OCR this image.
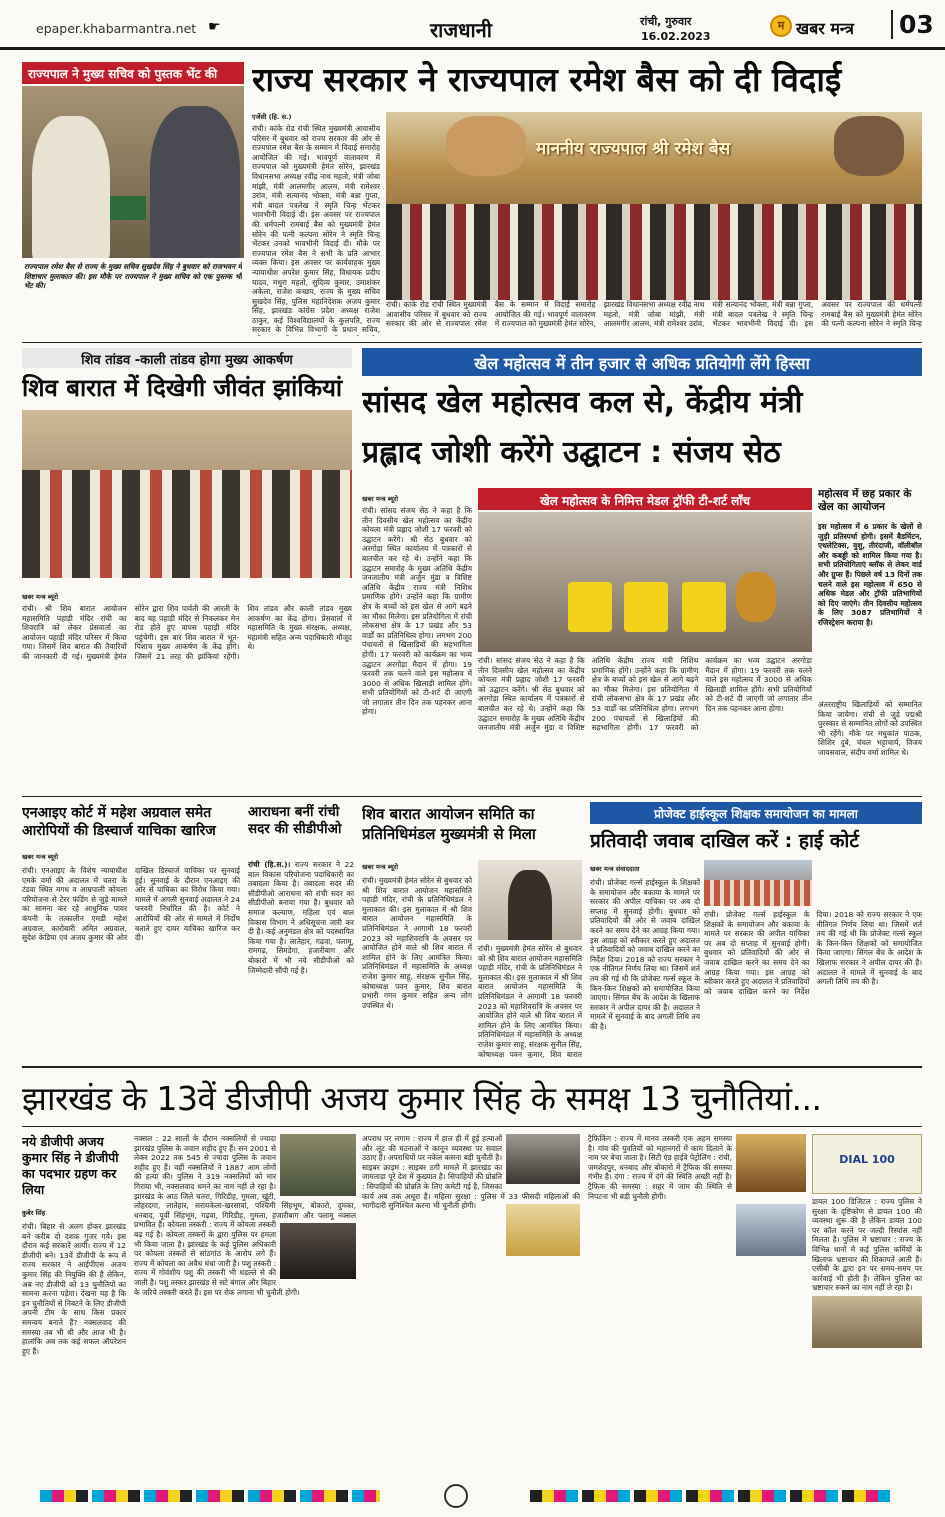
epaper.khabarmantra.net ☛	राजधानी	रांची, गुरुवार
16.02.2023
म खबर मन्त्र	03
राज्यपाल ने मुख्य सचिव को पुस्तक भेंट की
राज्यपाल रमेश बैस से राज्य के मुख्य सचिव सुखदेव सिंह ने बुधवार को राजभवन में शिष्टाचार मुलाकात की। इस मौके पर राज्यपाल ने मुख्य सचिव को एक पुस्तक भी भेंट की।
राज्य सरकार ने राज्यपाल रमेश बैस को दी विदाई
एजेंसी (हि. स.)
रांची। कांके रोड रांची स्थित मुख्यमंत्री आवासीय परिसर में बुधवार को राज्य सरकार की ओर से राज्यपाल रमेश बैस के सम्मान में विदाई समारोह आयोजित की गई। भावपूर्ण वातावरण में राज्यपाल को मुख्यमंत्री हेमंत सोरेन, झारखंड विधानसभा अध्यक्ष रवींद्र नाथ महतो, मंत्री जोबा मांझी, मंत्री आलमगीर आलम, मंत्री रामेश्वर उरांव, मंत्री सत्यानंद भोक्ता, मंत्री बन्ना गुप्ता, मंत्री बादल पत्रलेख ने स्मृति चिन्ह भेंटकर भावभीनी विदाई दी। इस अवसर पर राज्यपाल की धर्मपत्नी रामबाई बैस को मुख्यमंत्री हेमंत सोरेन की पत्नी कल्पना सोरेन ने स्मृति चिन्ह भेंटकर उनको भावभीनी विदाई दी। मौके पर राज्यपाल रमेश बैस ने सभी के प्रति आभार व्यक्त किया। इस अवसर पर कार्यवाहक मुख्य न्यायाधीश अपरेश कुमार सिंह, विधायक प्रदीप यादव, मथुरा महतो, सुदिव्य कुमार, उमाशंकर अकेला, राजेश कच्छप, राज्य के मुख्य सचिव सुखदेव सिंह, पुलिस महानिदेशक अजय कुमार सिंह, झारखंड कांग्रेस प्रदेश अध्यक्ष राजेश ठाकुर, कई विश्वविद्यालयों के कुलपति, राज्य सरकार के विभिन्न विभागों के प्रधान सचिव,
माननीय राज्यपाल श्री रमेश बैस
रांची। कांके रोड रांची स्थित मुख्यमंत्री आवासीय परिसर में बुधवार को राज्य सरकार की ओर से राज्यपाल रमेश बैस के सम्मान में विदाई समारोह आयोजित की गई। भावपूर्ण वातावरण में राज्यपाल को मुख्यमंत्री हेमंत सोरेन, झारखंड विधानसभा अध्यक्ष रवींद्र नाथ महतो, मंत्री जोबा मांझी, मंत्री आलमगीर आलम, मंत्री रामेश्वर उरांव, मंत्री सत्यानंद भोक्ता, मंत्री बन्ना गुप्ता, मंत्री बादल पत्रलेख ने स्मृति चिन्ह भेंटकर भावभीनी विदाई दी। इस अवसर पर राज्यपाल की धर्मपत्नी रामबाई बैस को मुख्यमंत्री हेमंत सोरेन की पत्नी कल्पना सोरेन ने स्मृति चिन्ह
शिव तांडव -काली तांडव होगा मुख्य आकर्षण
शिव बारात में दिखेगी जीवंत झांकियां
खबर मन्त्र ब्यूरो
रांची। श्री शिव बारात आयोजन महासमिति पहाड़ी मंदिर रांची का शिवरात्रि को लेकर प्रेसवार्ता का आयोजन पहाड़ी मंदिर परिसर में किया गया। जिसमें शिव बारात की तैयारियों की जानकारी दी गई। मुख्यमंत्री हेमंत सोरेन द्वारा शिव पार्वती की आरती के बाद यह पहाड़ी मंदिर से निकलकर मेन रोड होते हुए वापस पहाड़ी मंदिर पहुंचेगी। इस बार शिव बारात में भूत-पिशाच मुख्य आकर्षण के केंद्र होंगे। जिसमें 21 तरह की झांकियां रहेंगी। शिव तांडव और काली तांडव मुख्य आकर्षण का केंद्र होगा। प्रेसवार्ता में महासमिति के मुख्य संरक्षक, अध्यक्ष, महामंत्री सहित अन्य पदाधिकारी मौजूद थे।
खेल महोत्सव में तीन हजार से अधिक प्रतियोगी लेंगे हिस्सा
सांसद खेल महोत्सव कल से, केंद्रीय मंत्री
प्रह्लाद जोशी करेंगे उद्घाटन : संजय सेठ
खबर मन्त्र ब्यूरो
रांची। सांसद संजय सेठ ने कहा है कि तीन दिवसीय खेल महोत्सव का केंद्रीय कोयला मंत्री प्रह्लाद जोशी 17 फरवरी को उद्घाटन करेंगे। श्री सेठ बुधवार को अरगोड़ा स्थित कार्यालय में पत्रकारों से बातचीत कर रहे थे। उन्होंने कहा कि उद्घाटन समारोह के मुख्य अतिथि केंद्रीय जनजातीय मंत्री अर्जुन मुंडा व विशिष्ट अतिथि केंद्रीय राज्य मंत्री निशिथ प्रमाणिक होंगे। उन्होंने कहा कि ग्रामीण क्षेत्र के बच्चों को इस खेल से आगे बढ़ने का मौका मिलेगा। इस प्रतियोगिता में रांची लोकसभा क्षेत्र के 17 प्रखंड और 53 वार्डों का प्रतिनिधित्व होगा। लगभग 200 पंचायतों से खिलाड़ियों की सहभागिता होगी। 17 फरवरी को कार्यक्रम का भव्य उद्घाटन अरगोड़ा मैदान में होगा। 19 फरवरी तक चलने वाले इस महोत्सव में 3000 से अधिक खिलाड़ी शामिल होंगे। सभी प्रतियोगियों को टी-शर्ट दी जाएगी जो लगातार तीन दिन तक पहनकर आना होगा।
खेल महोत्सव के निमित्त मेडल ट्रॉफी टी-शर्ट लॉंच
रांची। सांसद संजय सेठ ने कहा है कि तीन दिवसीय खेल महोत्सव का केंद्रीय कोयला मंत्री प्रह्लाद जोशी 17 फरवरी को उद्घाटन करेंगे। श्री सेठ बुधवार को अरगोड़ा स्थित कार्यालय में पत्रकारों से बातचीत कर रहे थे। उन्होंने कहा कि उद्घाटन समारोह के मुख्य अतिथि केंद्रीय जनजातीय मंत्री अर्जुन मुंडा व विशिष्ट अतिथि केंद्रीय राज्य मंत्री निशिथ प्रमाणिक होंगे। उन्होंने कहा कि ग्रामीण क्षेत्र के बच्चों को इस खेल से आगे बढ़ने का मौका मिलेगा। इस प्रतियोगिता में रांची लोकसभा क्षेत्र के 17 प्रखंड और 53 वार्डों का प्रतिनिधित्व होगा। लगभग 200 पंचायतों से खिलाड़ियों की सहभागिता होगी। 17 फरवरी को कार्यक्रम का भव्य उद्घाटन अरगोड़ा मैदान में होगा। 19 फरवरी तक चलने वाले इस महोत्सव में 3000 से अधिक खिलाड़ी शामिल होंगे। सभी प्रतियोगियों को टी-शर्ट दी जाएगी जो लगातार तीन दिन तक पहनकर आना होगा।
महोत्सव में छह प्रकार के खेल का आयोजन
इस महोत्सव में 6 प्रकार के खेलों से जुड़ी प्रतिस्पर्धा होगी। इसमें बैडमिंटन, एथलेटिक्स, वुशु, तीरंदाजी, वॉलीबॉल और कबड्डी को शामिल किया गया है। सभी प्रतियोगिताएं ब्लॉक से लेकर वार्ड और ग्रुप्स हैं। पिछले वर्ष 13 दिनों तक चलने वाले इस महोत्सव में 650 से अधिक मेडल और ट्रॉफी प्रतिभागियों को दिए जाएंगे। तीन दिवसीय महोत्सव के लिए 3087 प्रतिभागियों ने रजिस्ट्रेशन कराया है।
अंतरराष्ट्रीय खिलाड़ियों को सम्मानित किया जायेगा। रांची से जुड़े पद्मश्री पुरस्कार से सम्मानित लोगों को उपस्थित भी रहेंगे। मौके पर मधुकांत पाठक, शिशिर दुबे, चंचल भट्टाचार्य, विजय जायसवाल, संदीप वर्मा शामिल थे।
एनआइए कोर्ट में महेश अग्रवाल समेत आरोपियों की डिस्चार्ज याचिका खारिज
खबर मन्त्र ब्यूरो
रांची। एनआइए के विशेष न्यायाधीश एमके वर्मा की अदालत में चतरा के टंडवा स्थित मगध व आम्रपाली कोयला परियोजना से टेरर फंडिंग से जुड़े मामले का सामना कर रहे आधुनिक पावर कंपनी के तत्कालीन एमडी महेश अग्रवाल, कारोबारी अमित अग्रवाल, सुदेश केडिया एवं अजय कुमार की ओर दाखिल डिस्चार्ज याचिका पर सुनवाई हुई। सुनवाई के दौरान एनआइए की ओर से याचिका का विरोध किया गया। मामले में अगली सुनवाई अदालत ने 24 फरवरी निर्धारित की है। कोर्ट ने आरोपियों की ओर से मामले में निर्दोष बताते हुए दायर याचिका खारिज कर दी।
आराधना बनीं रांची सदर की सीडीपीओ
रांची (हि.स.)। राज्य सरकार ने 22 बाल विकास परियोजना पदाधिकारी का तबादला किया है। तबादला सदर की सीडीपीओ आराधना को रांची सदर का सीडीपीओ बनाया गया है। बुधवार को समाज कल्याण, महिला एवं बाल विकास विभाग ने अधिसूचना जारी कर दी है। कई अनुमंडल क्षेत्र को पदस्थापित किया गया है। लातेहार, गढ़वा, पलामू, रामगढ़, सिमडेगा, हजारीबाग और बोकारो में भी नये सीडीपीओ को जिम्मेदारी सौंपी गई है।
शिव बारात आयोजन समिति का प्रतिनिधिमंडल मुख्यमंत्री से मिला
खबर मन्त्र ब्यूरो
रांची। मुख्यमंत्री हेमंत सोरेन से बुधवार को श्री शिव बारात आयोजन महासमिति पहाड़ी मंदिर, रांची के प्रतिनिधिमंडल ने मुलाकात की। इस मुलाकात में श्री शिव बारात आयोजन महासमिति के प्रतिनिधिमंडल ने आगामी 18 फरवरी 2023 को महाशिवरात्रि के अवसर पर आयोजित होने वाले श्री शिव बारात में शामिल होने के लिए आमंत्रित किया। प्रतिनिधिमंडल में महासमिति के अध्यक्ष राजेश कुमार साहू, संरक्षक सुनील सिंह, कोषाध्यक्ष पवन कुमार, शिव बारात प्रभारी गगन कुमार सहित अन्य लोग उपस्थित थे।
रांची। मुख्यमंत्री हेमंत सोरेन से बुधवार को श्री शिव बारात आयोजन महासमिति पहाड़ी मंदिर, रांची के प्रतिनिधिमंडल ने मुलाकात की। इस मुलाकात में श्री शिव बारात आयोजन महासमिति के प्रतिनिधिमंडल ने आगामी 18 फरवरी 2023 को महाशिवरात्रि के अवसर पर आयोजित होने वाले श्री शिव बारात में शामिल होने के लिए आमंत्रित किया। प्रतिनिधिमंडल में महासमिति के अध्यक्ष राजेश कुमार साहू, संरक्षक सुनील सिंह, कोषाध्यक्ष पवन कुमार, शिव बारात
प्रोजेक्ट हाईस्कूल शिक्षक समायोजन का मामला
प्रतिवादी जवाब दाखिल करें : हाई कोर्ट
खबर मन्त्र संवाददाता
रांची। प्रोजेक्ट गर्ल्स हाईस्कूल के शिक्षकों के समायोजन और बकाया के मामले पर सरकार की अपील याचिका पर अब दो सप्ताह में सुनवाई होगी। बुधवार को प्रतिवादियों की ओर से जवाब दाखिल करने का समय देने का आग्रह किया गया। इस आग्रह को स्वीकार करते हुए अदालत ने प्रतिवादियों को जवाब दाखिल करने का निर्देश दिया। 2018 को राज्य सरकार ने एक नीतिगत निर्णय लिया था। जिसमें शर्त तय की गई थी कि प्रोजेक्ट गर्ल्स स्कूल के किन-किन शिक्षकों को समायोजित किया जाएगा। सिंगल बेंच के आदेश के खिलाफ सरकार ने अपील दायर की है। अदालत ने मामले में सुनवाई के बाद अगली तिथि तय की है।
रांची। प्रोजेक्ट गर्ल्स हाईस्कूल के शिक्षकों के समायोजन और बकाया के मामले पर सरकार की अपील याचिका पर अब दो सप्ताह में सुनवाई होगी। बुधवार को प्रतिवादियों की ओर से जवाब दाखिल करने का समय देने का आग्रह किया गया। इस आग्रह को स्वीकार करते हुए अदालत ने प्रतिवादियों को जवाब दाखिल करने का निर्देश दिया। 2018 को राज्य सरकार ने एक नीतिगत निर्णय लिया था। जिसमें शर्त तय की गई थी कि प्रोजेक्ट गर्ल्स स्कूल के किन-किन शिक्षकों को समायोजित किया जाएगा। सिंगल बेंच के आदेश के खिलाफ सरकार ने अपील दायर की है। अदालत ने मामले में सुनवाई के बाद अगली तिथि तय की है।
झारखंड के 13वें डीजीपी अजय कुमार सिंह के समक्ष 13 चुनौतियां...
नये डीजीपी अजय कुमार सिंह ने डीजीपी का पदभार ग्रहण कर लिया
कुबेर सिंह
रांची। बिहार से अलग होकर झारखंड बने करीब दो दशक गुजर गये। इस दौरान कई सरकारें आयीं। राज्य में 12 डीजीपी बने। 13वें डीजीपी के रूप में राज्य सरकार ने आईपीएस अजय कुमार सिंह की नियुक्ति की है लेकिन, अब नए डीजीपी को 13 चुनौतियों का सामना करना पड़ेगा। देखना यह है कि इन चुनौतियों से निबटने के लिए डीजीपी अपनी टीम के साथ किस प्रकार समन्वय बनाते हैं? नक्सलवाद की समस्या तब भी थी और आज भी है। हालांकि अब तक कई सफल ऑपरेशन हुए हैं।
नक्सल : 22 सालों के दौरान नक्सलियों से ज्यादा झारखंड पुलिस के जवान शहीद हुए हैं। सन 2001 से लेकर 2022 तक 545 से ज्यादा पुलिस के जवान शहीद हुए हैं। वहीं नक्सलियों ने 1887 आम लोगों की हत्या की। पुलिस ने 319 नक्सलियों को मार गिराया भी, नक्सलवाद थमने का नाम नहीं ले रहा है। झारखंड के आठ जिले चतरा, गिरिडीह, गुमला, खूंटी, लोहरदगा, लातेहार, सरायकेला-खरसावां, पश्चिमी सिंहभूम, बोकारो, दुमका, धनबाद, पूर्वी सिंहभूम, गढ़वा, गिरिडीह, गुमला, हजारीबाग और पलामू नक्सल प्रभावित हैं। कोयला तस्करी : राज्य में कोयला तस्करी बढ़ गई है। कोयला तस्करों के द्वारा पुलिस पर हमला भी किया जाता है। झारखंड के कई पुलिस अधिकारी पर कोयला तस्करों से सांठगांठ के आरोप लगे हैं। राज्य में कोयला का अवैध धंधा जारी है। पशु तस्करी : राज्य में गोवंशीय पशु की तस्करी भी धड़ल्ले से की जाती है। पशु तस्कर झारखंड से सटे बंगाल और बिहार के जरिये तस्करी करते हैं। इस पर रोक लगाना भी चुनौती होगी।
अपराध पर लगाम : राज्य में हाल ही में हुई हत्याओं और लूट की घटनाओं ने कानून व्यवस्था पर सवाल उठाए हैं। अपराधियों पर नकेल कसना बड़ी चुनौती है। साइबर क्राइम : साइबर ठगी मामले में झारखंड का जामताड़ा पूरे देश में कुख्यात है। सिपाहियों की प्रोन्नति : सिपाहियों की प्रोन्नति के लिए कमेटी गई है, जिसका कार्य अब तक अधूरा है। महिला सुरक्षा : पुलिस में 33 फीसदी महिलाओं की भागीदारी सुनिश्चित करना भी चुनौती होगी।
ट्रैफिकिंग : राज्य में मानव तस्करी एक अहम समस्या है। गांव की युवतियों को महानगरों में काम दिलाने के नाम पर बेचा जाता है। सिटी एंड हाईवे पेट्रोलिंग : रांची, जमशेदपुर, धनबाद और बोकारो में ट्रैफिक की समस्या गंभीर है। दंगा : राज्य में दंगे की स्थिति अच्छी नहीं है। ट्रैफिक की समस्या : शहर में जाम की स्थिति से निपटना भी बड़ी चुनौती होगी।
DIAL 100
डायल 100 डिजिटल : राज्य पुलिस ने सुरक्षा के दृष्टिकोण से डायल 100 की व्यवस्था शुरू की है लेकिन डायल 100 पर कॉल करने पर जल्दी रिस्पांस नहीं मिलता है। पुलिस में भ्रष्टाचार : राज्य के विभिन्न थानों में कई पुलिस कर्मियों के खिलाफ भ्रष्टाचार की शिकायतें आती हैं। एसीबी के द्वारा इन पर समय-समय पर कार्रवाई भी होती है। लेकिन पुलिस का भ्रष्टाचार रुकने का नाम नहीं ले रहा है।
